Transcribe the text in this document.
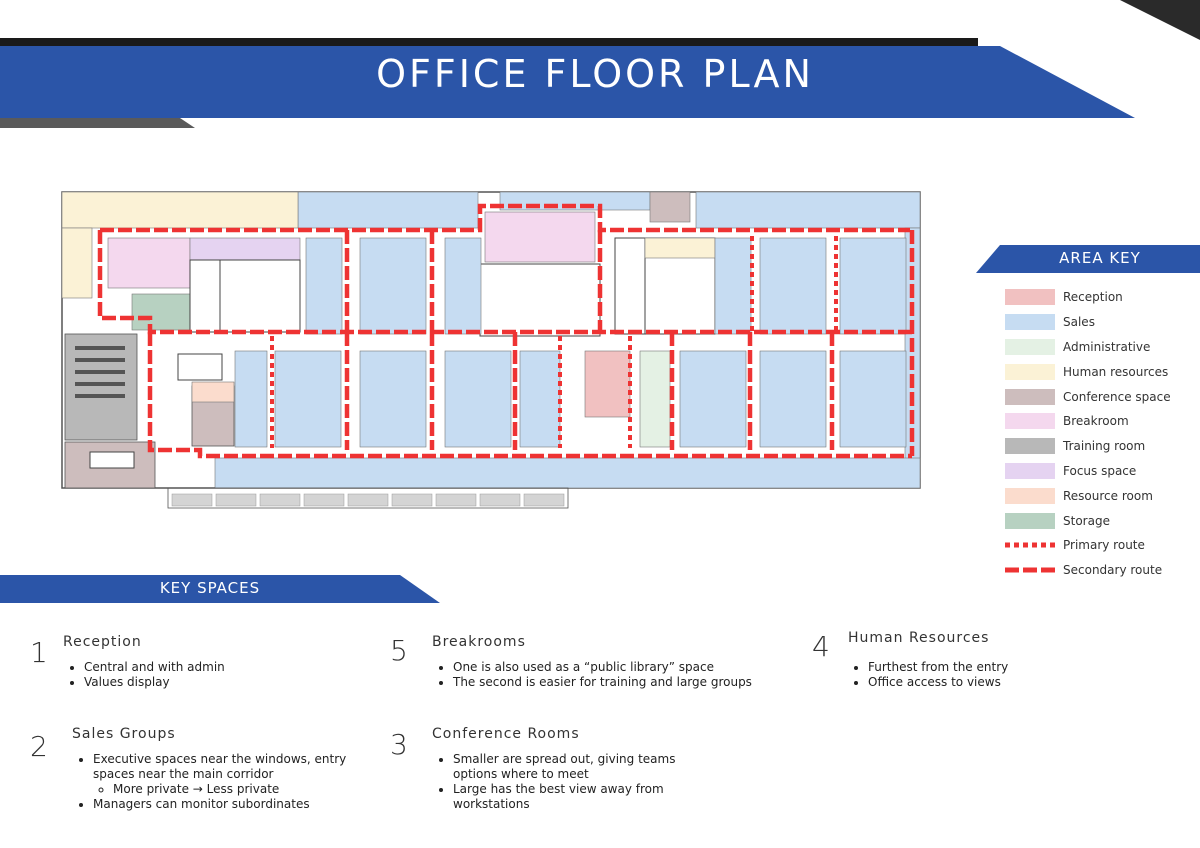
OFFICE FLOOR PLAN
AREA KEY
Reception
Sales
Administrative
Human resources
Conference space
Breakroom
Training room
Focus space
Resource room
Storage
Primary route
Secondary route
KEY SPACES
1 Reception
• Central and with admin
• Values display
5 Breakrooms
• One is also used as a “public library” space
• The second is easier for training and large groups
4 Human Resources
• Furthest from the entry
• Office access to views
2 Sales Groups
• Executive spaces near the windows, entry spaces near the main corridor
◦ More private → Less private
• Managers can monitor subordinates
3 Conference Rooms
• Smaller are spread out, giving teams options where to meet
• Large has the best view away from workstations
